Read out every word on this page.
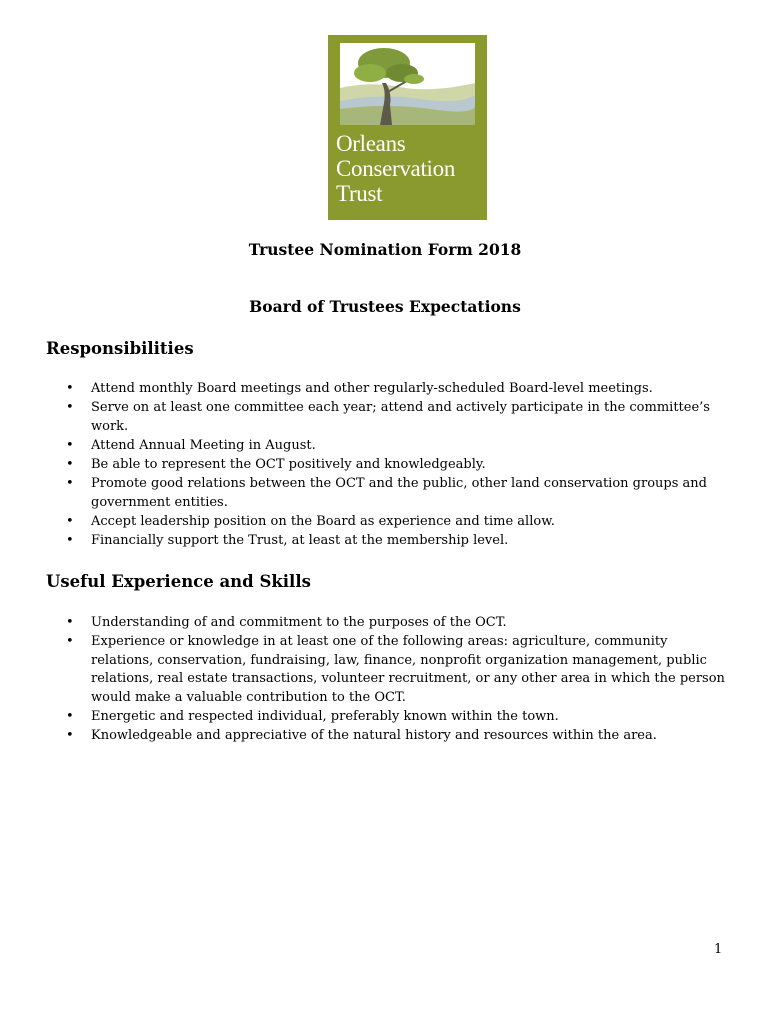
Orleans
Conservation
Trust
Trustee Nomination Form 2018
Board of Trustees Expectations
Responsibilities
• Attend monthly Board meetings and other regularly-scheduled Board-level meetings.
• Serve on at least one committee each year; attend and actively participate in the committee’s work.
• Attend Annual Meeting in August.
• Be able to represent the OCT positively and knowledgeably.
• Promote good relations between the OCT and the public, other land conservation groups and government entities.
• Accept leadership position on the Board as experience and time allow.
• Financially support the Trust, at least at the membership level.
Useful Experience and Skills
• Understanding of and commitment to the purposes of the OCT.
• Experience or knowledge in at least one of the following areas: agriculture, community relations, conservation, fundraising, law, finance, nonprofit organization management, public relations, real estate transactions, volunteer recruitment, or any other area in which the person would make a valuable contribution to the OCT.
• Energetic and respected individual, preferably known within the town.
• Knowledgeable and appreciative of the natural history and resources within the area.
1
